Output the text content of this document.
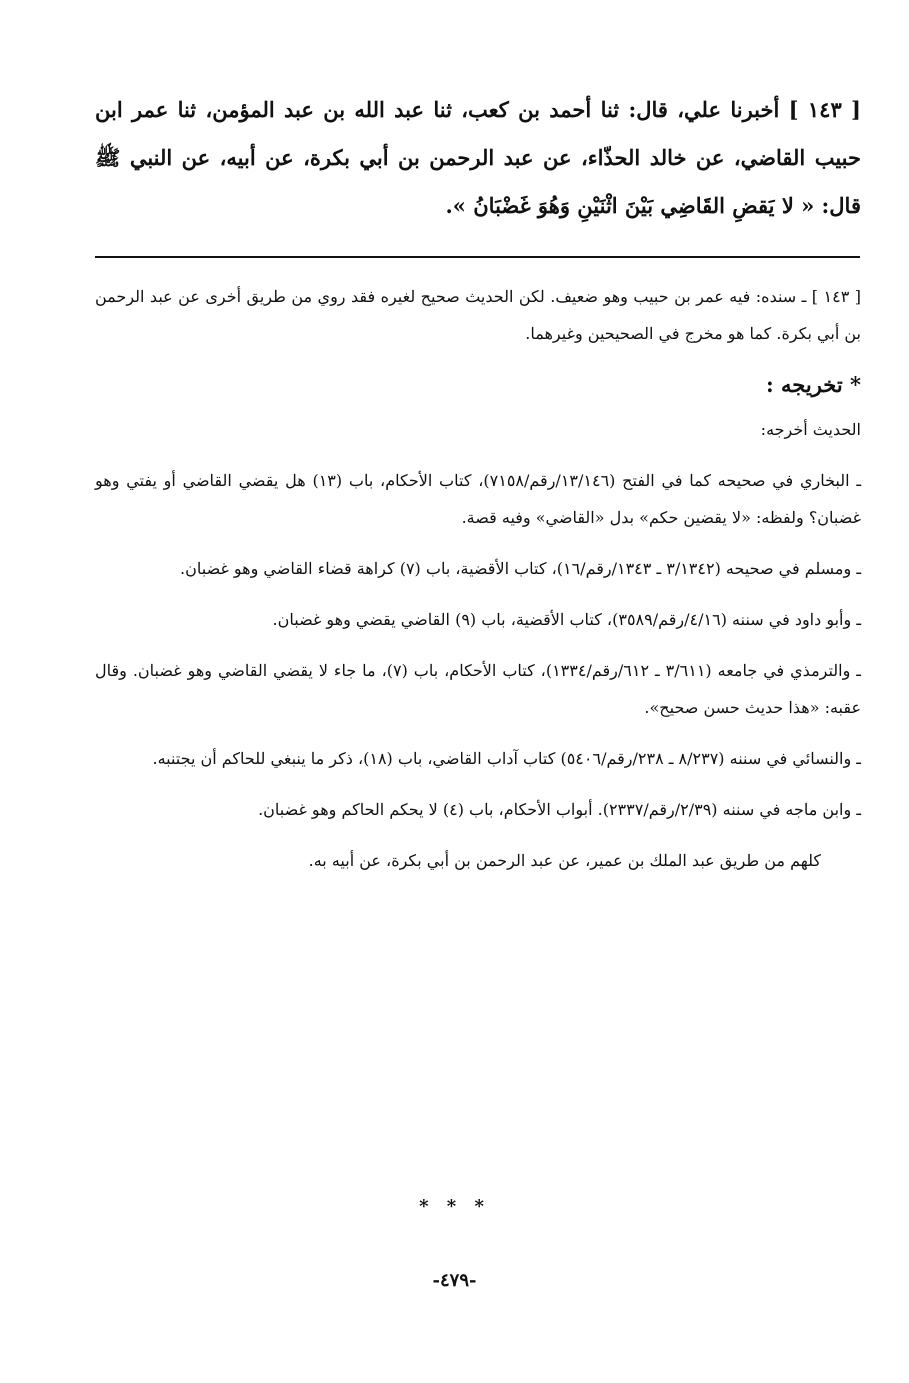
[ ١٤٣ ] أخبرنا علي، قال: ثنا أحمد بن كعب، ثنا عبد الله بن عبد المؤمن، ثنا عمر ابن حبيب القاضي، عن خالد الحذّاء، عن عبد الرحمن بن أبي بكرة، عن أبيه، عن النبي ﷺ قال: « لا يَقضِ القَاضِي بَيْنَ اثْنَيْنِ وَهُوَ غَضْبَانُ ».

[ ١٤٣ ] ـ سنده: فيه عمر بن حبيب وهو ضعيف. لكن الحديث صحيح لغيره فقد روي من طريق أخرى عن عبد الرحمن بن أبي بكرة. كما هو مخرج في الصحيحين وغيرهما.

* تخريجه :

الحديث أخرجه:

ـ البخاري في صحيحه كما في الفتح (١٣/١٤٦/رقم/٧١٥٨)، كتاب الأحكام، باب (١٣) هل يقضي القاضي أو يفتي وهو غضبان؟ ولفظه: «لا يقضين حكم» بدل «القاضي» وفيه قصة.

ـ ومسلم في صحيحه (٣/١٣٤٢ ـ ١٣٤٣/رقم/١٦)، كتاب الأقضية، باب (٧) كراهة قضاء القاضي وهو غضبان.

ـ وأبو داود في سننه (٤/١٦/رقم/٣٥٨٩)، كتاب الأقضية، باب (٩) القاضي يقضي وهو غضبان.

ـ والترمذي في جامعه (٣/٦١١ ـ ٦١٢/رقم/١٣٣٤)، كتاب الأحكام، باب (٧)، ما جاء لا يقضي القاضي وهو غضبان. وقال عقبه: «هذا حديث حسن صحيح».

ـ والنسائي في سننه (٨/٢٣٧ ـ ٢٣٨/رقم/٥٤٠٦) كتاب آداب القاضي، باب (١٨)، ذكر ما ينبغي للحاكم أن يجتنبه.

ـ وابن ماجه في سننه (٢/٣٩/رقم/٢٣٣٧). أبواب الأحكام، باب (٤) لا يحكم الحاكم وهو غضبان.

كلهم من طريق عبد الملك بن عمير، عن عبد الرحمن بن أبي بكرة، عن أبيه به.

* * *
-٤٧٩-
